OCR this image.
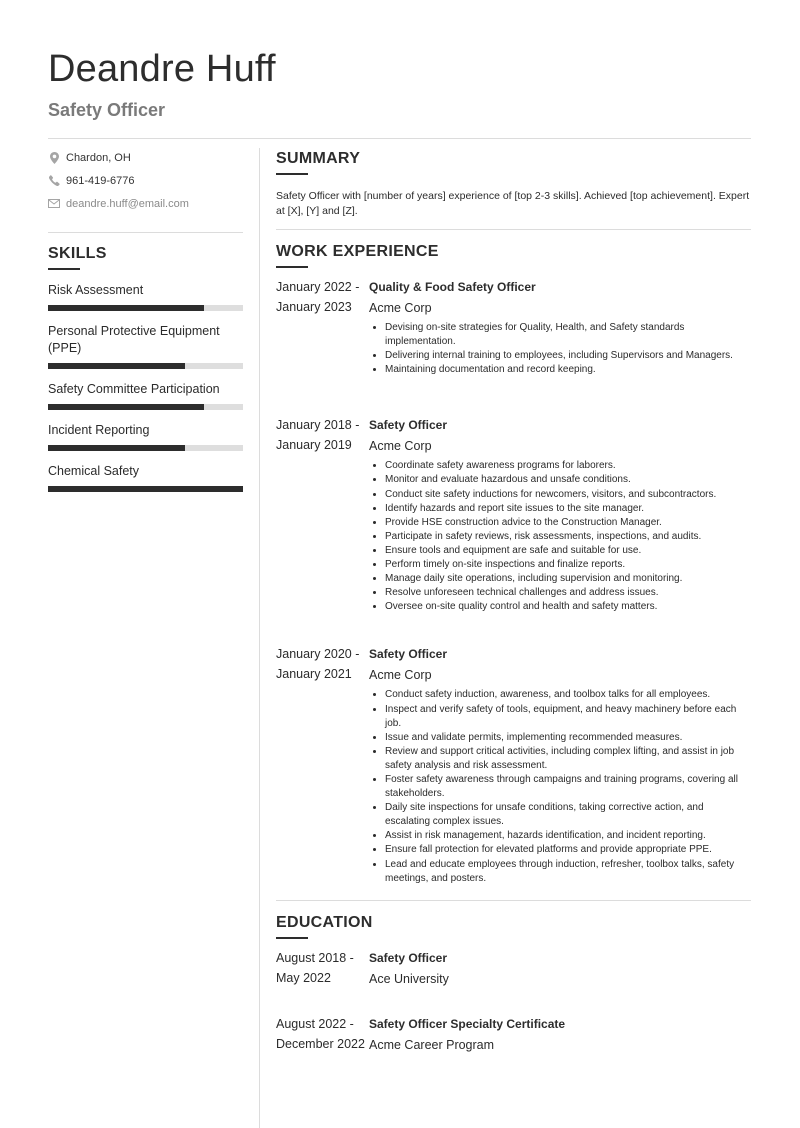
Deandre Huff
Safety Officer
Chardon, OH
961-419-6776
deandre.huff@email.com
SKILLS
Risk Assessment
Personal Protective Equipment (PPE)
Safety Committee Participation
Incident Reporting
Chemical Safety
SUMMARY
Safety Officer with [number of years] experience of [top 2-3 skills]. Achieved [top achievement]. Expert at [X], [Y] and [Z].
WORK EXPERIENCE
January 2022 -
January 2023
Quality & Food Safety Officer
Acme Corp
• Devising on-site strategies for Quality, Health, and Safety standards implementation.
• Delivering internal training to employees, including Supervisors and Managers.
• Maintaining documentation and record keeping.
January 2018 -
January 2019
Safety Officer
Acme Corp
• Coordinate safety awareness programs for laborers.
• Monitor and evaluate hazardous and unsafe conditions.
• Conduct site safety inductions for newcomers, visitors, and subcontractors.
• Identify hazards and report site issues to the site manager.
• Provide HSE construction advice to the Construction Manager.
• Participate in safety reviews, risk assessments, inspections, and audits.
• Ensure tools and equipment are safe and suitable for use.
• Perform timely on-site inspections and finalize reports.
• Manage daily site operations, including supervision and monitoring.
• Resolve unforeseen technical challenges and address issues.
• Oversee on-site quality control and health and safety matters.
January 2020 -
January 2021
Safety Officer
Acme Corp
• Conduct safety induction, awareness, and toolbox talks for all employees.
• Inspect and verify safety of tools, equipment, and heavy machinery before each job.
• Issue and validate permits, implementing recommended measures.
• Review and support critical activities, including complex lifting, and assist in job safety analysis and risk assessment.
• Foster safety awareness through campaigns and training programs, covering all stakeholders.
• Daily site inspections for unsafe conditions, taking corrective action, and escalating complex issues.
• Assist in risk management, hazards identification, and incident reporting.
• Ensure fall protection for elevated platforms and provide appropriate PPE.
• Lead and educate employees through induction, refresher, toolbox talks, safety meetings, and posters.
EDUCATION
August 2018 -
May 2022
Safety Officer
Ace University
August 2022 -
December 2022
Safety Officer Specialty Certificate
Acme Career Program
